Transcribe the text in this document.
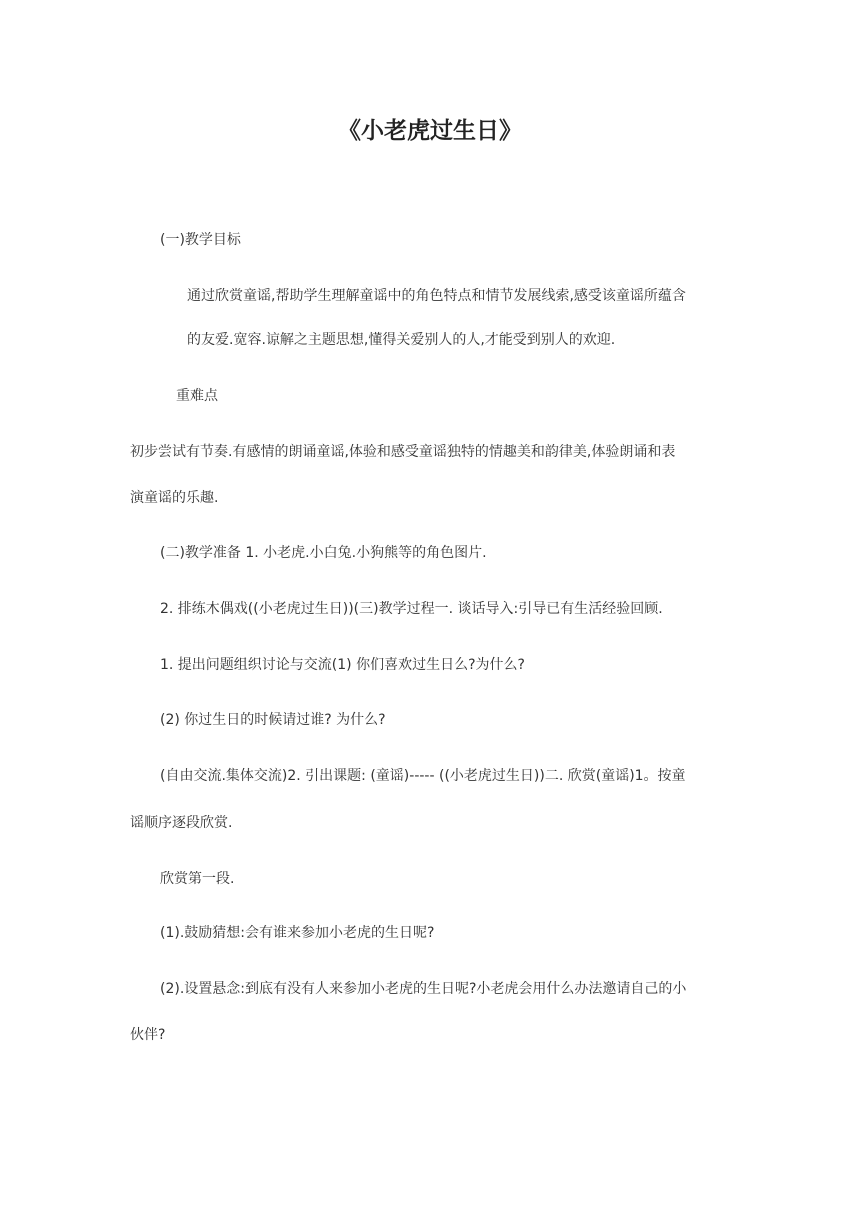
《小老虎过生日》

(一)教学目标

通过欣赏童谣,帮助学生理解童谣中的角色特点和情节发展线索,感受该童谣所蕴含

的友爱.宽容.谅解之主题思想,懂得关爱别人的人,才能受到别人的欢迎.

重难点

初步尝试有节奏.有感情的朗诵童谣,体验和感受童谣独特的情趣美和韵律美,体验朗诵和表

演童谣的乐趣.

(二)教学准备 1. 小老虎.小白兔.小狗熊等的角色图片.

2. 排练木偶戏((小老虎过生日))(三)教学过程一. 谈话导入:引导已有生活经验回顾.

1. 提出问题组织讨论与交流(1) 你们喜欢过生日么?为什么?

(2) 你过生日的时候请过谁? 为什么?

(自由交流.集体交流)2. 引出课题: (童谣)----- ((小老虎过生日))二. 欣赏(童谣)1。按童

谣顺序逐段欣赏.

欣赏第一段.

(1).鼓励猜想:会有谁来参加小老虎的生日呢?

(2).设置悬念:到底有没有人来参加小老虎的生日呢?小老虎会用什么办法邀请自己的小

伙伴?
